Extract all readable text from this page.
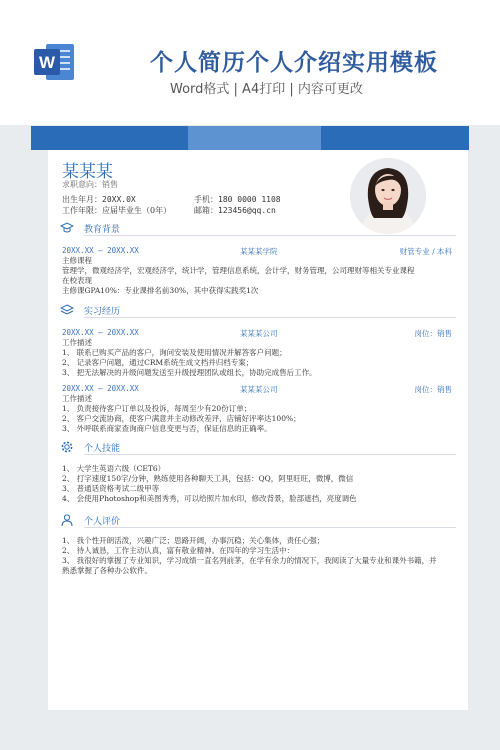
W	个人简历个人介绍实用模板
Word格式 | A4打印 | 内容可更改
某某某
求职意向：销售
出生年月：20XX.0X
工作年限：应届毕业生（0年）
手机：180 0000 1108
邮箱：123456@qq.cn
教育背景
20XX.XX – 20XX.XX	某某某学院	财管专业 / 本科
主修课程
管理学，微观经济学，宏观经济学，统计学，管理信息系统，会计学，财务管理，公司理财等相关专业课程
在校表现
主修课GPA10%：专业课排名前30%，其中获得实践奖1次
实习经历
20XX.XX – 20XX.XX	某某某公司	岗位：销售
工作描述
1、 联系已购买产品的客户，询问安装及使用情况并解答客户问题；
2、 记录客户问题，通过CRM系统生成文档并归档专案；
3、 把无法解决的升级问题发送至升级授理团队或组长，协助完成售后工作。
20XX.XX – 20XX.XX	某某某公司	岗位：销售
工作描述
1、 负责接待客户订单以及投诉，每周至少有20份订单；
2、 客户交流协商，使客户满意并主动修改差评，店铺好评率达100%；
3、 外呼联系商家查询商户信息变更与否，保证信息的正确率。
个人技能
1、 大学生英语六级（CET6）
2、 打字速度150字/分钟，熟练使用各种聊天工具，包括：QQ，阿里旺旺，微博，微信
3、 普通话资格考试二级甲等
4、 会使用Photoshop和美图秀秀，可以给照片加水印，修改背景，脸部遮挡，亮度调色
个人评价
1、 我个性开朗活泼，兴趣广泛；思路开阔，办事沉稳；关心集体，责任心强；
2、 待人诚恳，工作主动认真，富有敬业精神。在四年的学习生活中：
3、 我很好的掌握了专业知识，学习成绩一直名列前茅，在学有余力的情况下，我阅读了大量专业和课外书籍，并
熟悉掌握了各种办公软件。
